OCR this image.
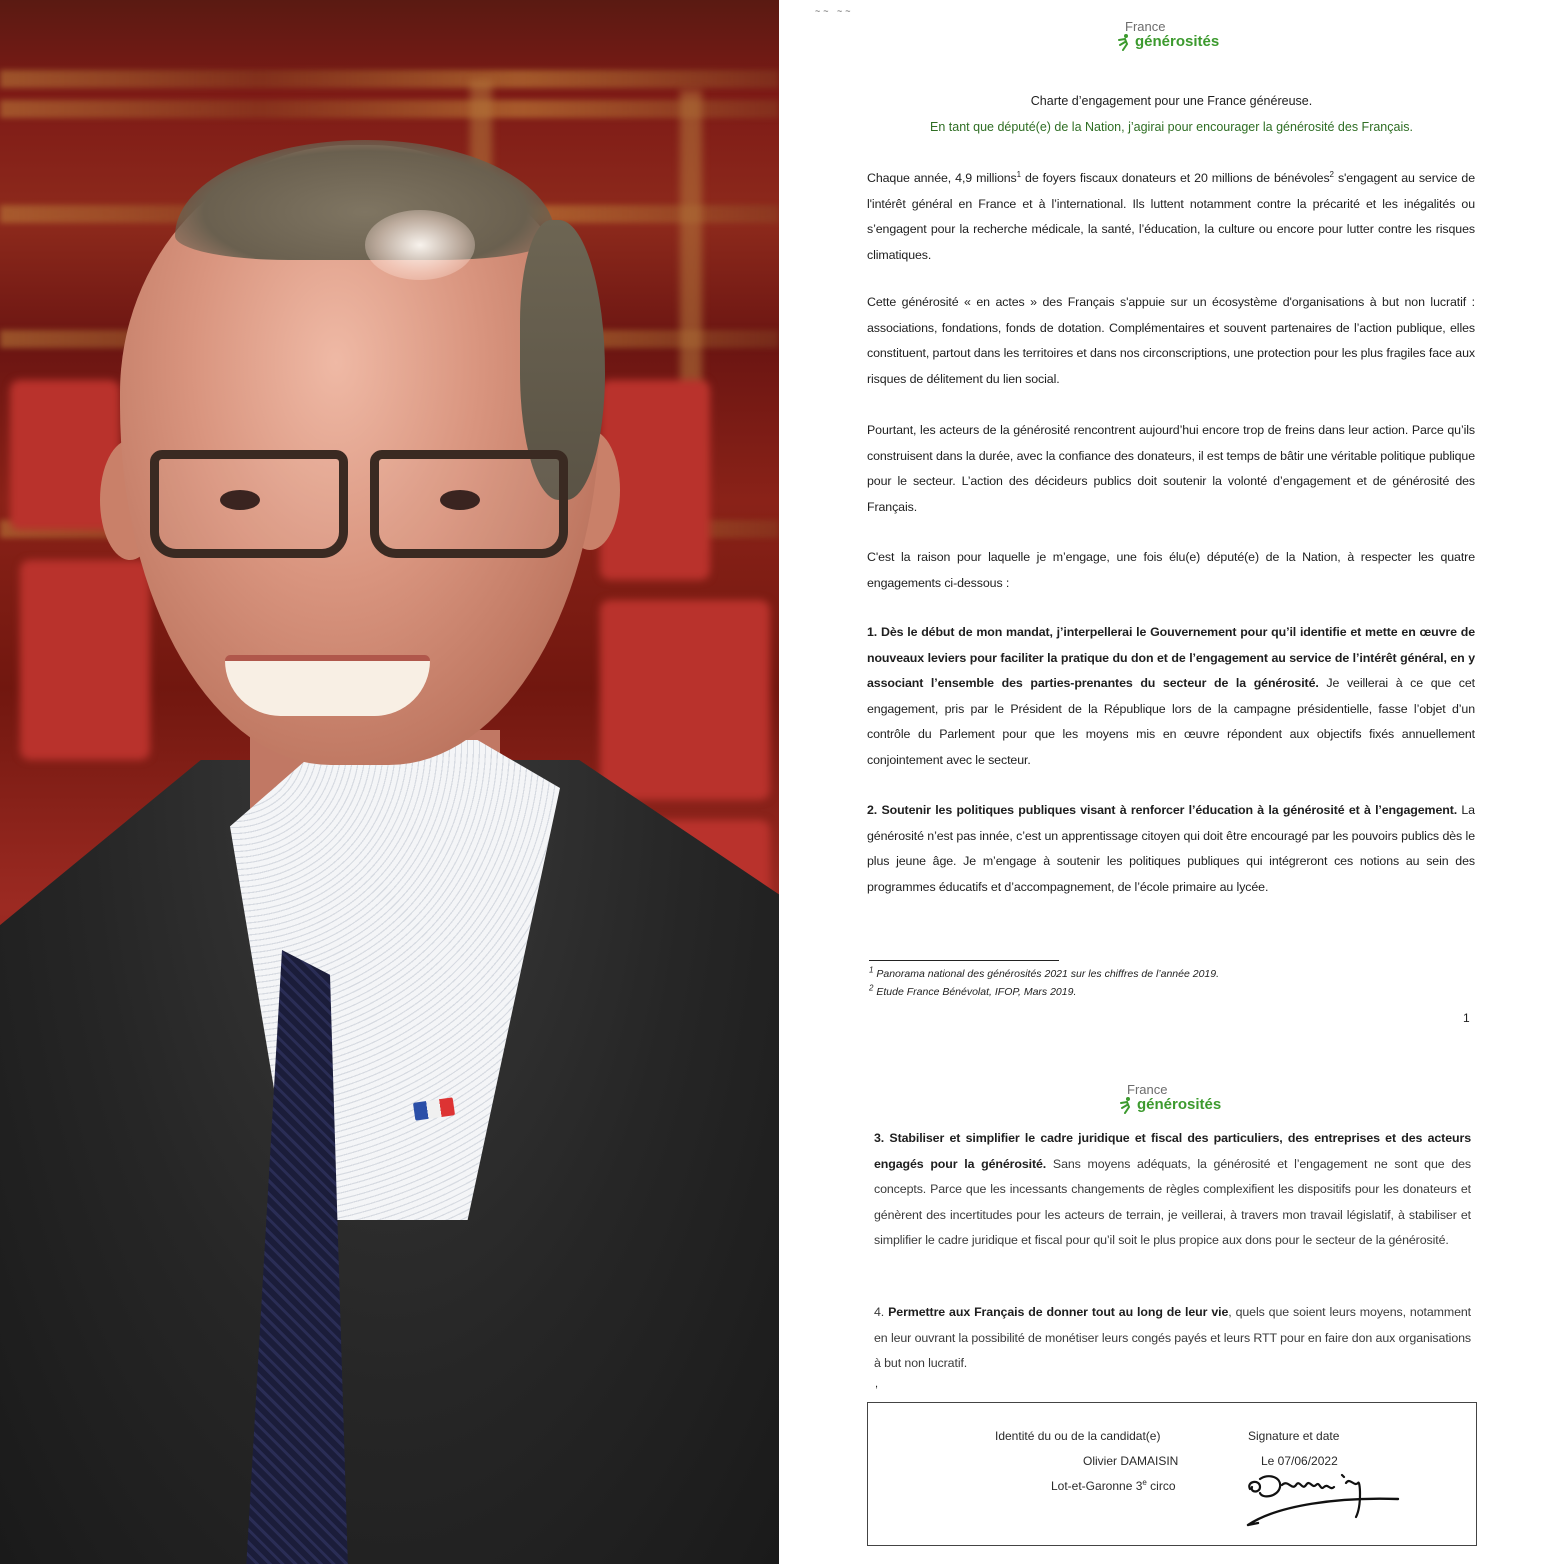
~~ ~~
France
générosités
Charte d’engagement pour une France généreuse.
En tant que député(e) de la Nation, j’agirai pour encourager la générosité des Français.
Chaque année, 4,9 millions$^1$ de foyers fiscaux donateurs et 20 millions de bénévoles$^2$ s'engagent au service de l'intérêt général en France et à l’international. Ils luttent notamment contre la précarité et les inégalités ou s’engagent pour la recherche médicale, la santé, l’éducation, la culture ou encore pour lutter contre les risques climatiques.
Cette générosité « en actes » des Français s'appuie sur un écosystème d'organisations à but non lucratif : associations, fondations, fonds de dotation. Complémentaires et souvent partenaires de l’action publique, elles constituent, partout dans les territoires et dans nos circonscriptions, une protection pour les plus fragiles face aux risques de délitement du lien social.
Pourtant, les acteurs de la générosité rencontrent aujourd’hui encore trop de freins dans leur action. Parce qu’ils construisent dans la durée, avec la confiance des donateurs, il est temps de bâtir une véritable politique publique pour le secteur. L’action des décideurs publics doit soutenir la volonté d’engagement et de générosité des Français.
C'est la raison pour laquelle je m’engage, une fois élu(e) député(e) de la Nation, à respecter les quatre engagements ci-dessous :
1. Dès le début de mon mandat, j’interpellerai le Gouvernement pour qu’il identifie et mette en œuvre de nouveaux leviers pour faciliter la pratique du don et de l’engagement au service de l’intérêt général, en y associant l’ensemble des parties-prenantes du secteur de la générosité. Je veillerai à ce que cet engagement, pris par le Président de la République lors de la campagne présidentielle, fasse l’objet d’un contrôle du Parlement pour que les moyens mis en œuvre répondent aux objectifs fixés annuellement conjointement avec le secteur.
2. Soutenir les politiques publiques visant à renforcer l’éducation à la générosité et à l’engagement. La générosité n’est pas innée, c’est un apprentissage citoyen qui doit être encouragé par les pouvoirs publics dès le plus jeune âge. Je m’engage à soutenir les politiques publiques qui intégreront ces notions au sein des programmes éducatifs et d’accompagnement, de l’école primaire au lycée.
$^1$ Panorama national des générosités 2021 sur les chiffres de l’année 2019.
$^2$ Etude France Bénévolat, IFOP, Mars 2019.
1
France
générosités
3. Stabiliser et simplifier le cadre juridique et fiscal des particuliers, des entreprises et des acteurs engagés pour la générosité. Sans moyens adéquats, la générosité et l’engagement ne sont que des concepts. Parce que les incessants changements de règles complexifient les dispositifs pour les donateurs et génèrent des incertitudes pour les acteurs de terrain, je veillerai, à travers mon travail législatif, à stabiliser et simplifier le cadre juridique et fiscal pour qu’il soit le plus propice aux dons pour le secteur de la générosité.
4. Permettre aux Français de donner tout au long de leur vie, quels que soient leurs moyens, notamment en leur ouvrant la possibilité de monétiser leurs congés payés et leurs RTT pour en faire don aux organisations à but non lucratif.
,
Identité du ou de la candidat(e)
Olivier DAMAISIN
Lot-et-Garonne 3e circo
Signature et date
Le 07/06/2022
